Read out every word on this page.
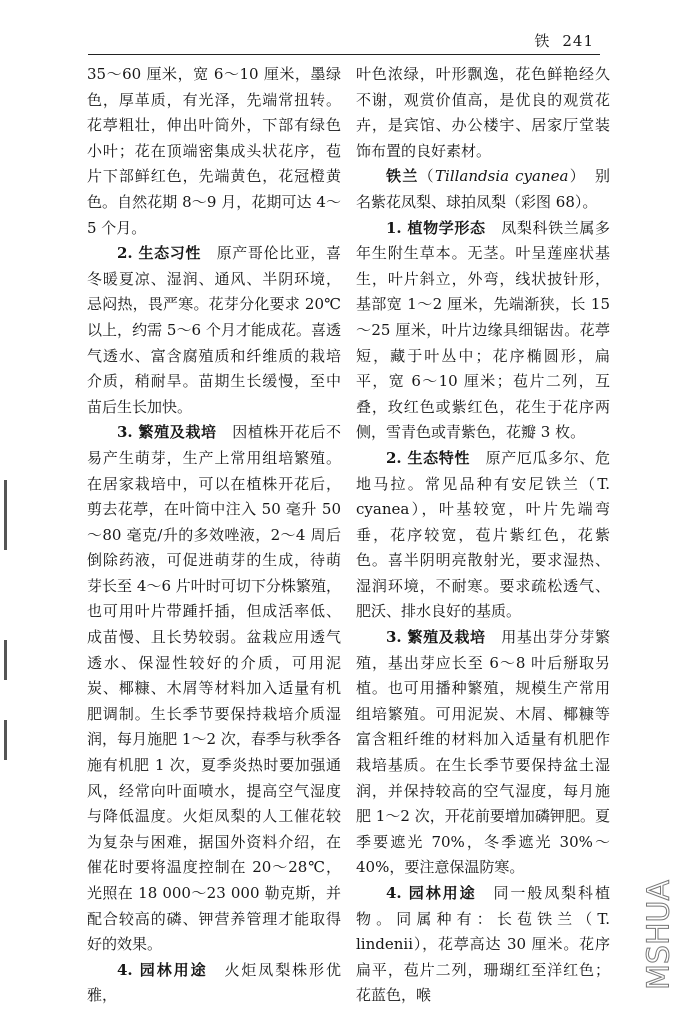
铁 241

35～60 厘米，宽 6～10 厘米，墨绿色，厚革质，有光泽，先端常扭转。花葶粗壮，伸出叶筒外，下部有绿色小叶；花在顶端密集成头状花序，苞片下部鲜红色，先端黄色，花冠橙黄色。自然花期 8～9 月，花期可达 4～5 个月。

2. 生态习性　 原产哥伦比亚，喜冬暖夏凉、湿润、通风、半阴环境，忌闷热，畏严寒。花芽分化要求 20℃ 以上，约需 5～6 个月才能成花。喜透气透水、富含腐殖质和纤维质的栽培介质，稍耐旱。苗期生长缓慢，至中苗后生长加快。

3. 繁殖及栽培　 因植株开花后不易产生萌芽，生产上常用组培繁殖。在居家栽培中，可以在植株开花后，剪去花葶，在叶筒中注入 50 毫升 50～80 毫克/升的多效唑液，2～4 周后倒除药液，可促进萌芽的生成，待萌芽长至 4～6 片叶时可切下分株繁殖，也可用叶片带踵扦插，但成活率低、成苗慢、且长势较弱。盆栽应用透气透水、保湿性较好的介质，可用泥炭、椰糠、木屑等材料加入适量有机肥调制。生长季节要保持栽培介质湿润，每月施肥 1～2 次，春季与秋季各施有机肥 1 次，夏季炎热时要加强通风，经常向叶面喷水，提高空气湿度与降低温度。火炬凤梨的人工催花较为复杂与困难，据国外资料介绍，在催花时要将温度控制在 20～28℃，光照在 18 000～23 000 勒克斯，并配合较高的磷、钾营养管理才能取得好的效果。

4. 园林用途　 火炬凤梨株形优雅，

叶色浓绿，叶形飘逸，花色鲜艳经久不谢，观赏价值高，是优良的观赏花卉，是宾馆、办公楼宇、居家厅堂装饰布置的良好素材。

铁兰（Tillandsia cyanea）　别名紫花凤梨、球拍凤梨（彩图 68）。

1. 植物学形态　 凤梨科铁兰属多年生附生草本。无茎。叶呈莲座状基生，叶片斜立，外弯，线状披针形，基部宽 1～2 厘米，先端渐狭，长 15～25 厘米，叶片边缘具细锯齿。花葶短，藏于叶丛中；花序椭圆形，扁平，宽 6～10 厘米；苞片二列，互叠，玫红色或紫红色，花生于花序两侧，雪青色或青紫色，花瓣 3 枚。

2. 生态特性　 原产厄瓜多尔、危地马拉。常见品种有安尼铁兰（T. cyanea），叶基较宽，叶片先端弯垂，花序较宽，苞片紫红色，花紫色。喜半阴明亮散射光，要求湿热、湿润环境，不耐寒。要求疏松透气、肥沃、排水良好的基质。

3. 繁殖及栽培　 用基出芽分芽繁殖，基出芽应长至 6～8 叶后掰取另植。也可用播种繁殖，规模生产常用组培繁殖。可用泥炭、木屑、椰糠等富含粗纤维的材料加入适量有机肥作栽培基质。在生长季节要保持盆土湿润，并保持较高的空气湿度，每月施肥 1～2 次，开花前要增加磷钾肥。夏季要遮光 70%，冬季遮光 30%～40%，要注意保温防寒。

4. 园林用途　 同一般凤梨科植物。同属种有：长苞铁兰（T. lindenii），花葶高达 30 厘米。花序扁平，苞片二列，珊瑚红至洋红色；花蓝色，喉

MSHUA
